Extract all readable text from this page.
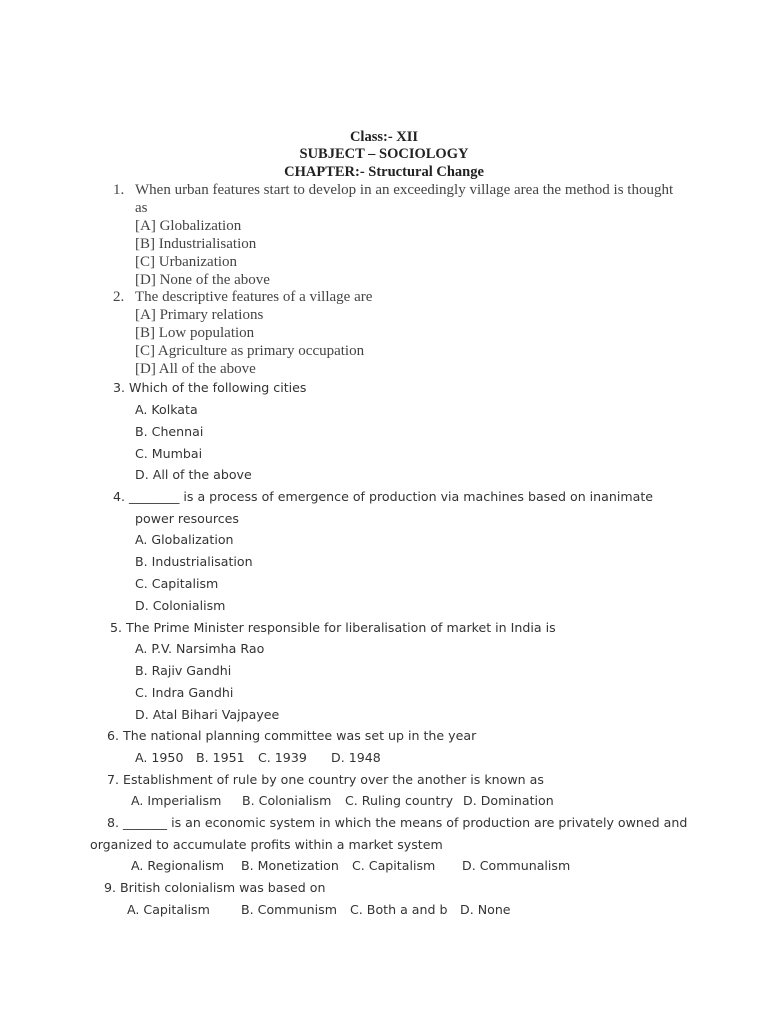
Class:- XII
SUBJECT – SOCIOLOGY
CHAPTER:- Structural Change
1. When urban features start to develop in an exceedingly village area the method is thought
as
[A] Globalization
[B] Industrialisation
[C] Urbanization
[D] None of the above
2. The descriptive features of a village are
[A] Primary relations
[B] Low population
[C] Agriculture as primary occupation
[D] All of the above
3. Which of the following cities
A. Kolkata
B. Chennai
C. Mumbai
D. All of the above
4. ________ is a process of emergence of production via machines based on inanimate
power resources
A. Globalization
B. Industrialisation
C. Capitalism
D. Colonialism
5. The Prime Minister responsible for liberalisation of market in India is
A. P.V. Narsimha Rao
B. Rajiv Gandhi
C. Indra Gandhi
D. Atal Bihari Vajpayee
6. The national planning committee was set up in the year
A. 1950 B. 1951 C. 1939 D. 1948
7. Establishment of rule by one country over the another is known as
A. Imperialism B. Colonialism C. Ruling country D. Domination
8. _______ is an economic system in which the means of production are privately owned and
organized to accumulate profits within a market system
A. Regionalism B. Monetization C. Capitalism D. Communalism
9. British colonialism was based on
A. Capitalism B. Communism C. Both a and b D. None
